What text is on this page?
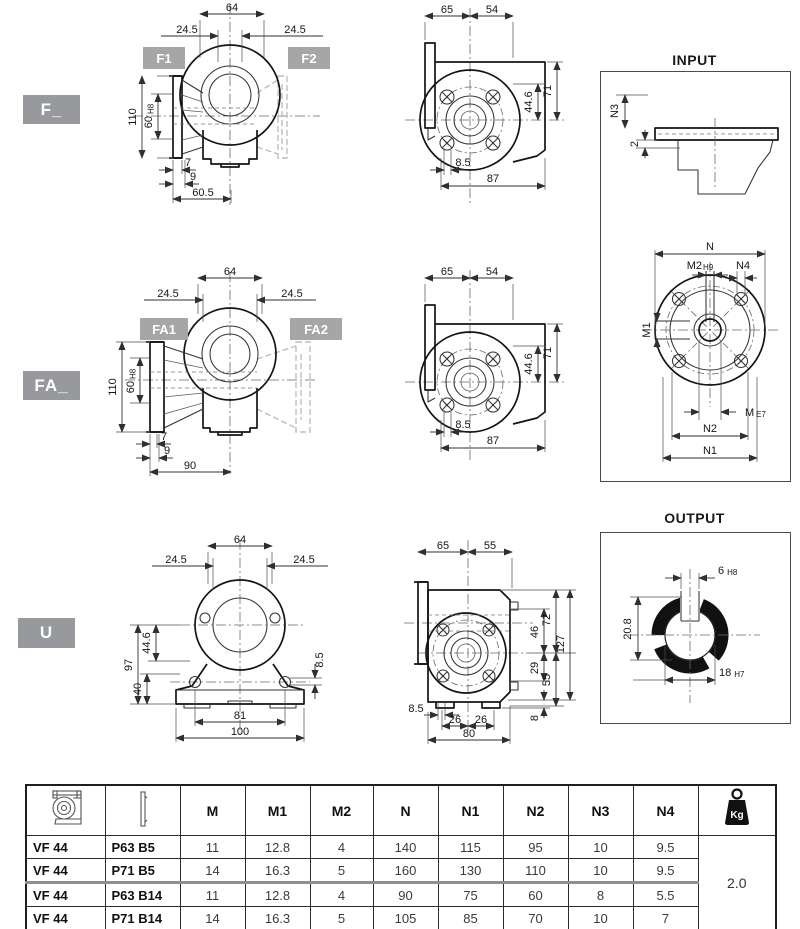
F_
FA_
U
64
24.5	24.5
110 60H8
7
9
60.5
F1	F2
65	54
71
44.6
8.5
87
INPUT
N3
2
N
M2H9 N4
M1
M E7
N2
N1
64
24.5	24.5
110 60H8
7
9
90
FA1	FA2
65	54
71
44.6
8.5
87
64
24.5	24.5
97
44.6
40
8.5
81
100
65	55
46
72
127
29
55
8
8.5
26 26
80
OUTPUT
6 H8
20.8
18 H7
		M	M1	M2	N	N1	N2	N3	N4	Kg

VF 44	P63 B5	11	12.8	4	140	115	95	10	9.5	2.0
VF 44	P71 B5	14	16.3	5	160	130	110	10	9.5	
VF 44	P63 B14	11	12.8	4	90	75	60	8	5.5	
VF 44	P71 B14	14	16.3	5	105	85	70	10	7	
